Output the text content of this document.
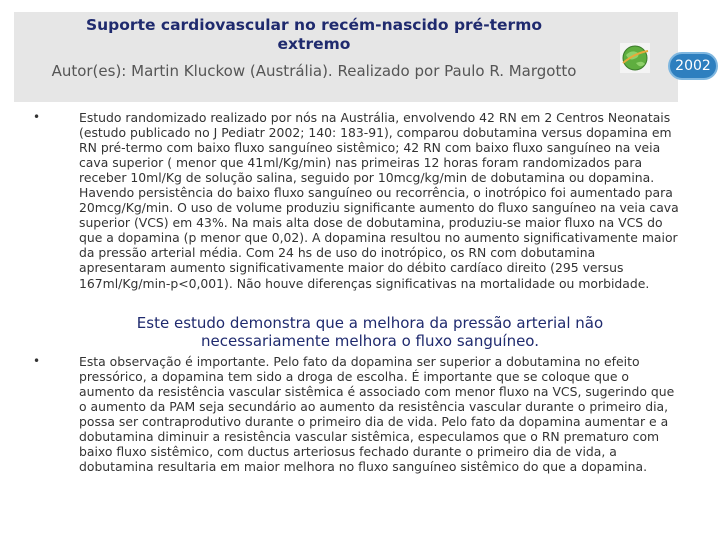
Suporte cardiovascular no recém-nascido pré-termo extremo
Autor(es): Martin Kluckow (Austrália). Realizado por Paulo R. Margotto	2002
•	Estudo randomizado realizado por nós na Austrália, envolvendo 42 RN em 2 Centros Neonatais (estudo publicado no J Pediatr 2002; 140: 183-91), comparou dobutamina versus dopamina em RN pré-termo com baixo fluxo sanguíneo sistêmico; 42 RN com baixo fluxo sanguíneo na veia cava superior ( menor que 41ml/Kg/min) nas primeiras 12 horas foram randomizados para receber 10ml/Kg de solução salina, seguido por 10mcg/kg/min de dobutamina ou dopamina. Havendo persistência do baixo fluxo sanguíneo ou recorrência, o inotrópico foi aumentado para 20mcg/Kg/min. O uso de volume produziu significante aumento do fluxo sanguíneo na veia cava superior (VCS) em 43%. Na mais alta dose de dobutamina, produziu-se maior fluxo na VCS do que a dopamina (p menor que 0,02). A dopamina resultou no aumento significativamente maior da pressão arterial média. Com 24 hs de uso do inotrópico, os RN com dobutamina apresentaram aumento significativamente maior do débito cardíaco direito (295 versus 167ml/Kg/min-p<0,001). Não houve diferenças significativas na mortalidade ou morbidade.
Este estudo demonstra que a melhora da pressão arterial não necessariamente melhora o fluxo sanguíneo.
•	Esta observação é importante. Pelo fato da dopamina ser superior a dobutamina no efeito pressórico, a dopamina tem sido a droga de escolha. É importante que se coloque que o aumento da resistência vascular sistêmica é associado com menor fluxo na VCS, sugerindo que o aumento da PAM seja secundário ao aumento da resistência vascular durante o primeiro dia, possa ser contraprodutivo durante o primeiro dia de vida. Pelo fato da dopamina aumentar e a dobutamina diminuir a resistência vascular sistêmica, especulamos que o RN prematuro com baixo fluxo sistêmico, com ductus arteriosus fechado durante o primeiro dia de vida, a dobutamina resultaria em maior melhora no fluxo sanguíneo sistêmico do que a dopamina.
